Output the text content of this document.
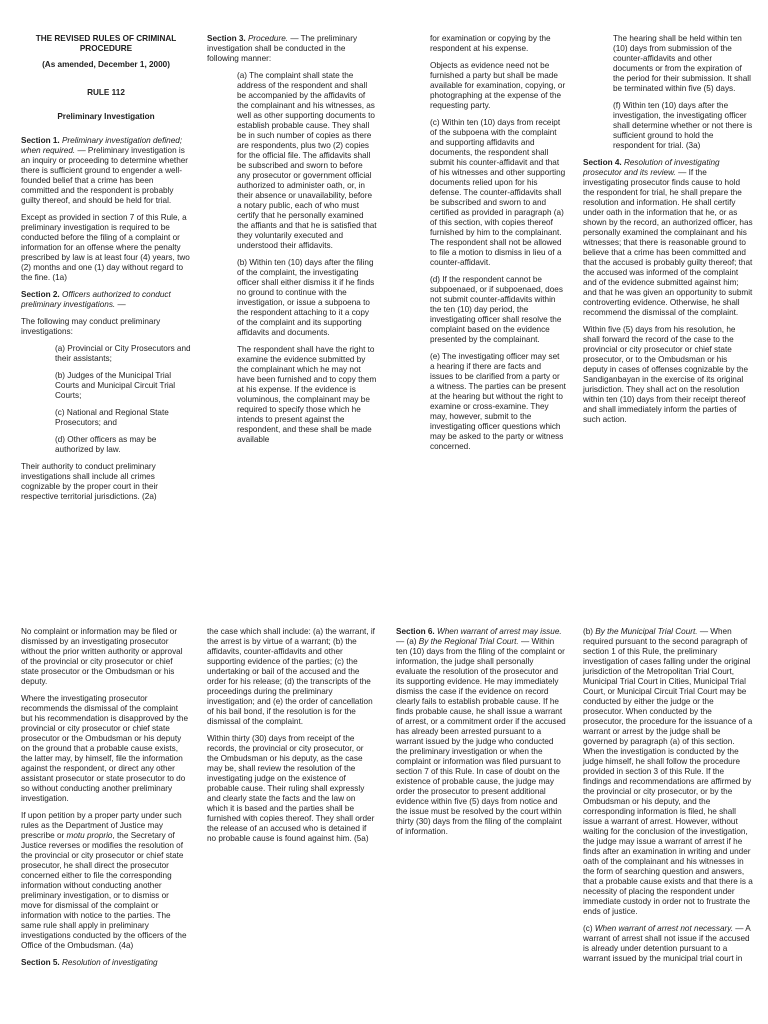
THE REVISED RULES OF CRIMINAL
PROCEDURE

(As amended, December 1, 2000)

RULE 112

Preliminary Investigation

Section 1. Preliminary investigation defined; when required. — Preliminary investigation is an inquiry or proceeding to determine whether there is sufficient ground to engender a well-founded belief that a crime has been committed and the respondent is probably guilty thereof, and should be held for trial.

Except as provided in section 7 of this Rule, a preliminary investigation is required to be conducted before the filing of a complaint or information for an offense where the penalty prescribed by law is at least four (4) years, two (2) months and one (1) day without regard to the fine. (1a)

Section 2. Officers authorized to conduct preliminary investigations. —

The following may conduct preliminary investigations:

(a) Provincial or City Prosecutors and their assistants;

(b) Judges of the Municipal Trial Courts and Municipal Circuit Trial Courts;

(c) National and Regional State Prosecutors; and

(d) Other officers as may be authorized by law.

Their authority to conduct preliminary investigations shall include all crimes cognizable by the proper court in their respective territorial jurisdictions. (2a)

Section 3. Procedure. — The preliminary investigation shall be conducted in the following manner:

(a) The complaint shall state the address of the respondent and shall be accompanied by the affidavits of the complainant and his witnesses, as well as other supporting documents to establish probable cause. They shall be in such number of copies as there are respondents, plus two (2) copies for the official file. The affidavits shall be subscribed and sworn to before any prosecutor or government official authorized to administer oath, or, in their absence or unavailability, before a notary public, each of who must certify that he personally examined the affiants and that he is satisfied that they voluntarily executed and understood their affidavits.

(b) Within ten (10) days after the filing of the complaint, the investigating officer shall either dismiss it if he finds no ground to continue with the investigation, or issue a subpoena to the respondent attaching to it a copy of the complaint and its supporting affidavits and documents.

The respondent shall have the right to examine the evidence submitted by the complainant which he may not have been furnished and to copy them at his expense. If the evidence is voluminous, the complainant may be required to specify those which he intends to present against the respondent, and these shall be made available

for examination or copying by the respondent at his expense.

Objects as evidence need not be furnished a party but shall be made available for examination, copying, or photographing at the expense of the requesting party.

(c) Within ten (10) days from receipt of the subpoena with the complaint and supporting affidavits and documents, the respondent shall submit his counter-affidavit and that of his witnesses and other supporting documents relied upon for his defense. The counter-affidavits shall be subscribed and sworn to and certified as provided in paragraph (a) of this section, with copies thereof furnished by him to the complainant. The respondent shall not be allowed to file a motion to dismiss in lieu of a counter-affidavit.

(d) If the respondent cannot be subpoenaed, or if subpoenaed, does not submit counter-affidavits within the ten (10) day period, the investigating officer shall resolve the complaint based on the evidence presented by the complainant.

(e) The investigating officer may set a hearing if there are facts and issues to be clarified from a party or a witness. The parties can be present at the hearing but without the right to examine or cross-examine. They may, however, submit to the investigating officer questions which may be asked to the party or witness concerned.

The hearing shall be held within ten (10) days from submission of the counter-affidavits and other documents or from the expiration of the period for their submission. It shall be terminated within five (5) days.

(f) Within ten (10) days after the investigation, the investigating officer shall determine whether or not there is sufficient ground to hold the respondent for trial. (3a)

Section 4. Resolution of investigating prosecutor and its review. — If the investigating prosecutor finds cause to hold the respondent for trial, he shall prepare the resolution and information. He shall certify under oath in the information that he, or as shown by the record, an authorized officer, has personally examined the complainant and his witnesses; that there is reasonable ground to believe that a crime has been committed and that the accused is probably guilty thereof; that the accused was informed of the complaint and of the evidence submitted against him; and that he was given an opportunity to submit controverting evidence. Otherwise, he shall recommend the dismissal of the complaint.

Within five (5) days from his resolution, he shall forward the record of the case to the provincial or city prosecutor or chief state prosecutor, or to the Ombudsman or his deputy in cases of offenses cognizable by the Sandiganbayan in the exercise of its original jurisdiction. They shall act on the resolution within ten (10) days from their receipt thereof and shall immediately inform the parties of such action.

No complaint or information may be filed or dismissed by an investigating prosecutor without the prior written authority or approval of the provincial or city prosecutor or chief state prosecutor or the Ombudsman or his deputy.

Where the investigating prosecutor recommends the dismissal of the complaint but his recommendation is disapproved by the provincial or city prosecutor or chief state prosecutor or the Ombudsman or his deputy on the ground that a probable cause exists, the latter may, by himself, file the information against the respondent, or direct any other assistant prosecutor or state prosecutor to do so without conducting another preliminary investigation.

If upon petition by a proper party under such rules as the Department of Justice may prescribe or motu proprio, the Secretary of Justice reverses or modifies the resolution of the provincial or city prosecutor or chief state prosecutor, he shall direct the prosecutor concerned either to file the corresponding information without conducting another preliminary investigation, or to dismiss or move for dismissal of the complaint or information with notice to the parties. The same rule shall apply in preliminary investigations conducted by the officers of the Office of the Ombudsman. (4a)

Section 5. Resolution of investigating

the case which shall include: (a) the warrant, if the arrest is by virtue of a warrant; (b) the affidavits, counter-affidavits and other supporting evidence of the parties; (c) the undertaking or bail of the accused and the order for his release; (d) the transcripts of the proceedings during the preliminary investigation; and (e) the order of cancellation of his bail bond, if the resolution is for the dismissal of the complaint.

Within thirty (30) days from receipt of the records, the provincial or city prosecutor, or the Ombudsman or his deputy, as the case may be, shall review the resolution of the investigating judge on the existence of probable cause. Their ruling shall expressly and clearly state the facts and the law on which it is based and the parties shall be furnished with copies thereof. They shall order the release of an accused who is detained if no probable cause is found against him. (5a)

Section 6. When warrant of arrest may issue. — (a) By the Regional Trial Court. — Within ten (10) days from the filing of the complaint or information, the judge shall personally evaluate the resolution of the prosecutor and its supporting evidence. He may immediately dismiss the case if the evidence on record clearly fails to establish probable cause. If he finds probable cause, he shall issue a warrant of arrest, or a commitment order if the accused has already been arrested pursuant to a warrant issued by the judge who conducted the preliminary investigation or when the complaint or information was filed pursuant to section 7 of this Rule. In case of doubt on the existence of probable cause, the judge may order the prosecutor to present additional evidence within five (5) days from notice and the issue must be resolved by the court within thirty (30) days from the filing of the complaint of information.

(b) By the Municipal Trial Court. — When required pursuant to the second paragraph of section 1 of this Rule, the preliminary investigation of cases falling under the original jurisdiction of the Metropolitan Trial Court, Municipal Trial Court in Cities, Municipal Trial Court, or Municipal Circuit Trial Court may be conducted by either the judge or the prosecutor. When conducted by the prosecutor, the procedure for the issuance of a warrant or arrest by the judge shall be governed by paragraph (a) of this section. When the investigation is conducted by the judge himself, he shall follow the procedure provided in section 3 of this Rule. If the findings and recommendations are affirmed by the provincial or city prosecutor, or by the Ombudsman or his deputy, and the corresponding information is filed, he shall issue a warrant of arrest. However, without waiting for the conclusion of the investigation, the judge may issue a warrant of arrest if he finds after an examination in writing and under oath of the complainant and his witnesses in the form of searching question and answers, that a probable cause exists and that there is a necessity of placing the respondent under immediate custody in order not to frustrate the ends of justice.

(c) When warrant of arrest not necessary. — A warrant of arrest shall not issue if the accused is already under detention pursuant to a warrant issued by the municipal trial court in
